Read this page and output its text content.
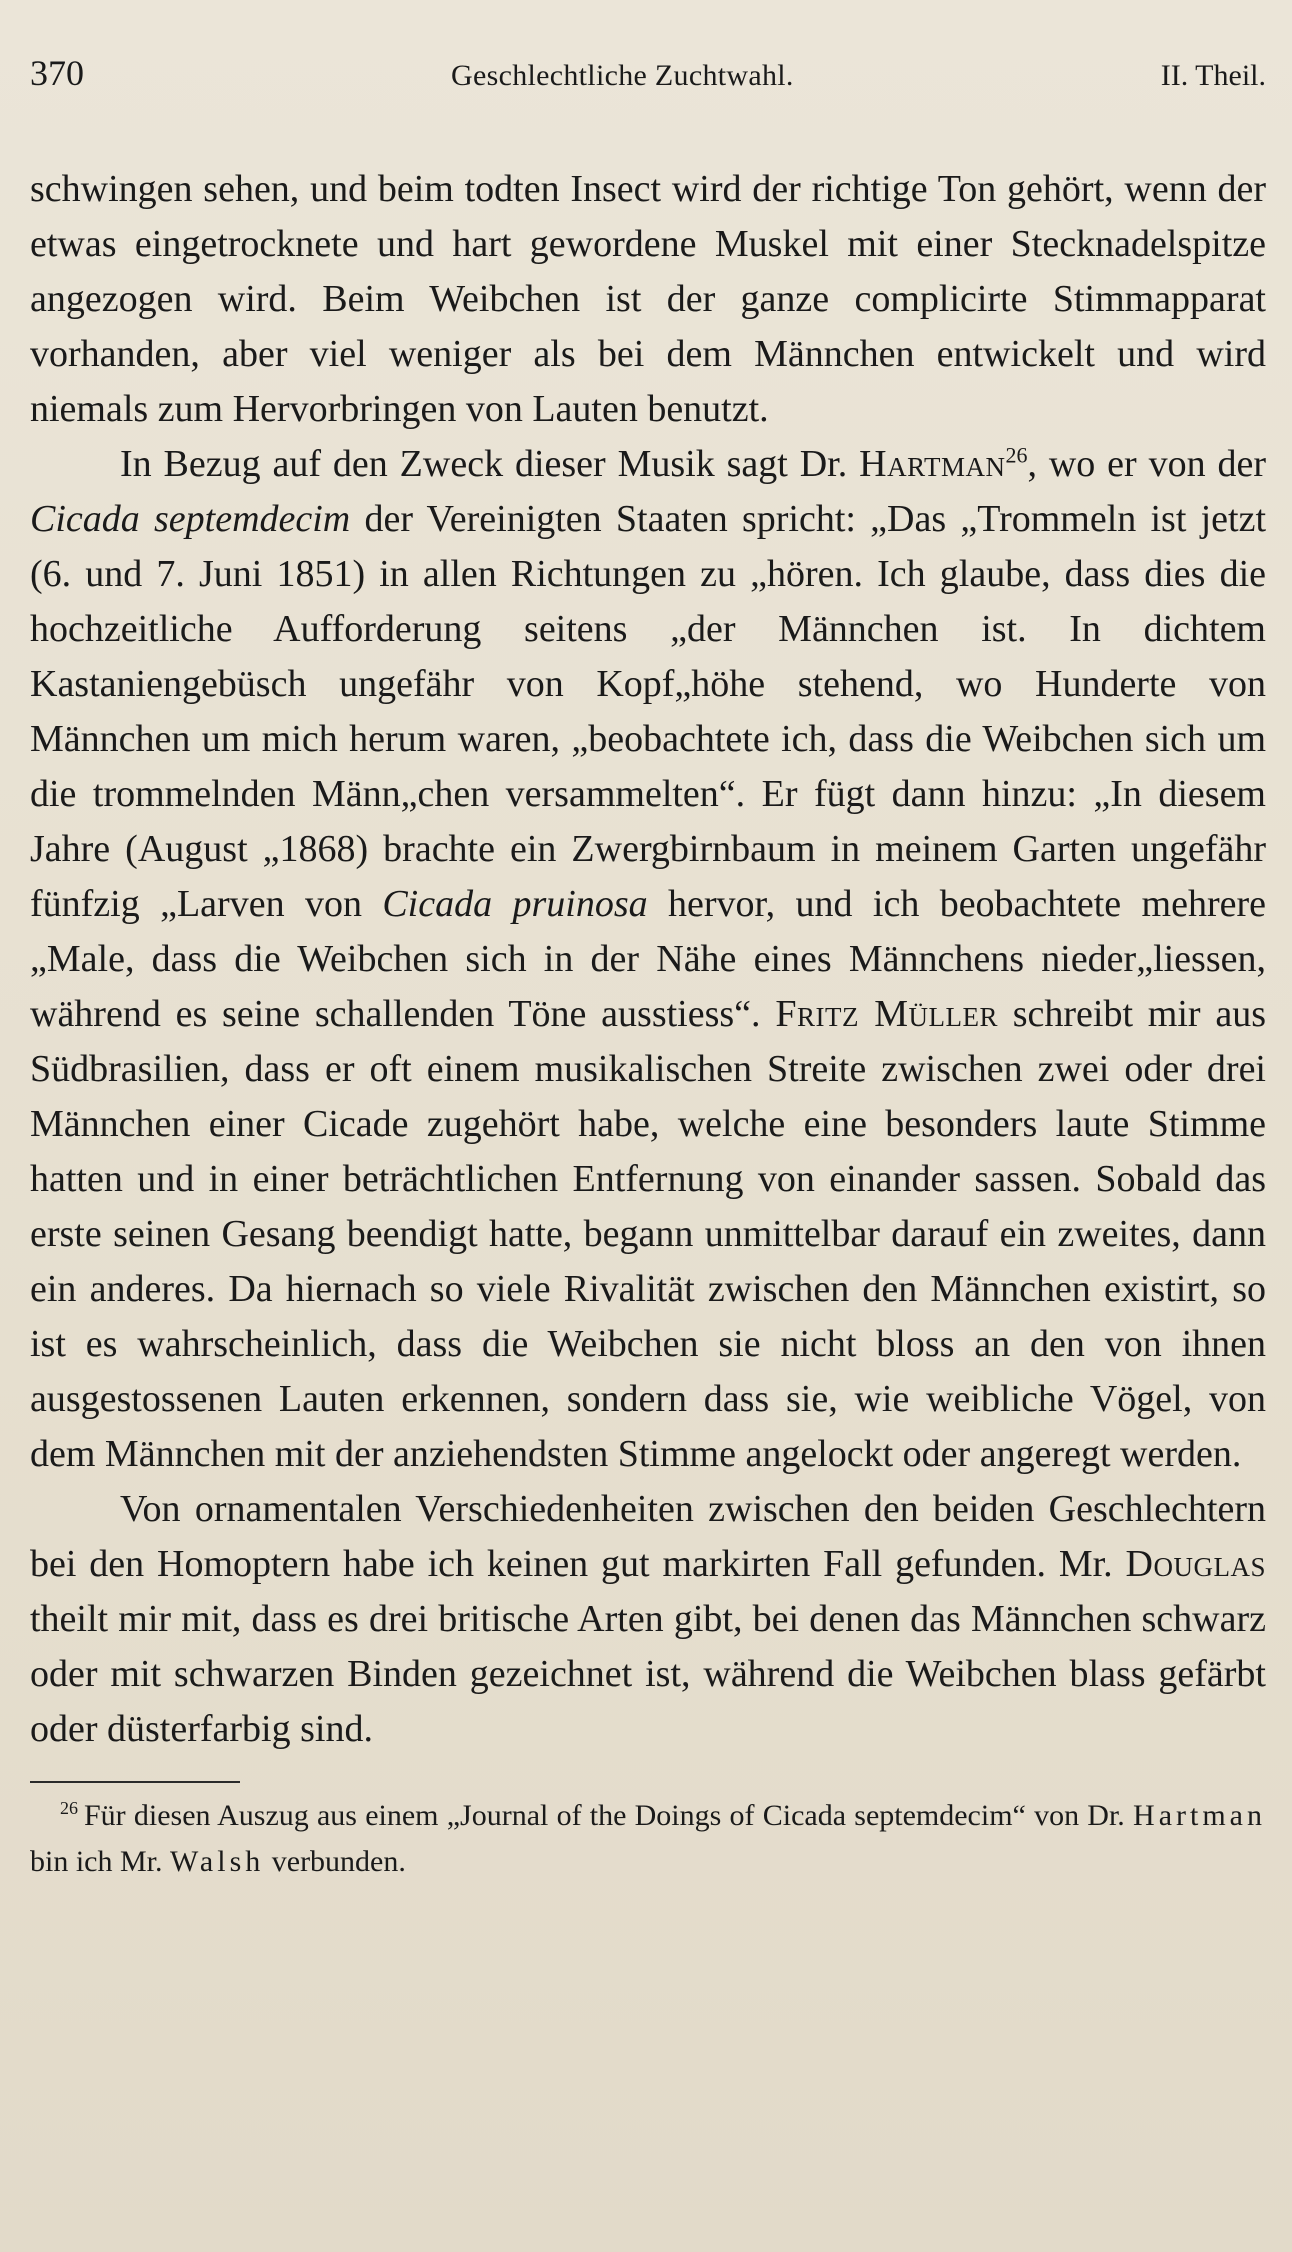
370	Geschlechtliche Zuchtwahl.	II. Theil.

schwingen sehen, und beim todten Insect wird der richtige Ton gehört, wenn der etwas eingetrocknete und hart gewordene Muskel mit einer Stecknadelspitze angezogen wird. Beim Weibchen ist der ganze complicirte Stimmapparat vorhanden, aber viel weniger als bei dem Männchen entwickelt und wird niemals zum Hervorbringen von Lauten benutzt.

In Bezug auf den Zweck dieser Musik sagt Dr. Hartman$^{26}$, wo er von der Cicada septemdecim der Vereinigten Staaten spricht: „Das „Trommeln ist jetzt (6. und 7. Juni 1851) in allen Richtungen zu „hören. Ich glaube, dass dies die hochzeitliche Aufforderung seitens „der Männchen ist. In dichtem Kastaniengebüsch ungefähr von Kopf„höhe stehend, wo Hunderte von Männchen um mich herum waren, „beobachtete ich, dass die Weibchen sich um die trommelnden Männ„chen versammelten“. Er fügt dann hinzu: „In diesem Jahre (August „1868) brachte ein Zwergbirnbaum in meinem Garten ungefähr fünfzig „Larven von Cicada pruinosa hervor, und ich beobachtete mehrere „Male, dass die Weibchen sich in der Nähe eines Männchens nieder„liessen, während es seine schallenden Töne ausstiess“. Fritz Müller schreibt mir aus Südbrasilien, dass er oft einem musikalischen Streite zwischen zwei oder drei Männchen einer Cicade zugehört habe, welche eine besonders laute Stimme hatten und in einer beträchtlichen Entfernung von einander sassen. Sobald das erste seinen Gesang beendigt hatte, begann unmittelbar darauf ein zweites, dann ein anderes. Da hiernach so viele Rivalität zwischen den Männchen existirt, so ist es wahrscheinlich, dass die Weibchen sie nicht bloss an den von ihnen ausgestossenen Lauten erkennen, sondern dass sie, wie weibliche Vögel, von dem Männchen mit der anziehendsten Stimme angelockt oder angeregt werden.

Von ornamentalen Verschiedenheiten zwischen den beiden Geschlechtern bei den Homoptern habe ich keinen gut markirten Fall gefunden. Mr. Douglas theilt mir mit, dass es drei britische Arten gibt, bei denen das Männchen schwarz oder mit schwarzen Binden gezeichnet ist, während die Weibchen blass gefärbt oder düsterfarbig sind.

$^{26}$ Für diesen Auszug aus einem „Journal of the Doings of Cicada septemdecim“ von Dr. Hartman bin ich Mr. Walsh verbunden.
